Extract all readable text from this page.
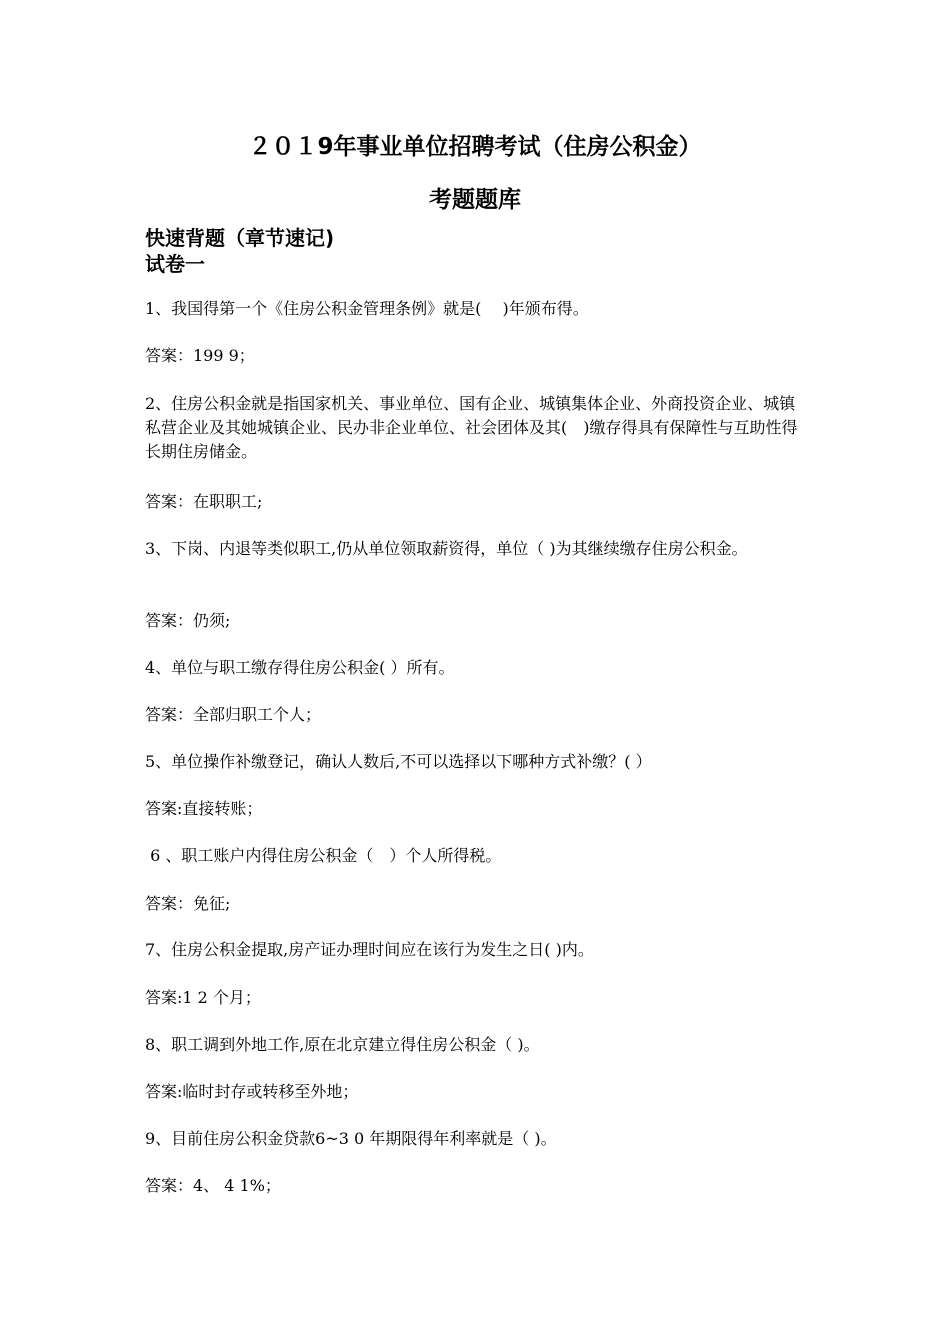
２０１9年事业单位招聘考试（住房公积金）
考题题库
快速背题（章节速记)
试卷一

1、我国得第一个《住房公积金管理条例》就是(　 )年颁布得。

答案：199 9；

2、住房公积金就是指国家机关、事业单位、国有企业、城镇集体企业、外商投资企业、城镇私营企业及其她城镇企业、民办非企业单位、社会团体及其(　)缴存得具有保障性与互助性得长期住房储金。

答案：在职职工;

3、下岗、内退等类似职工,仍从单位领取薪资得，单位（ )为其继续缴存住房公积金。

答案：仍须;

4、单位与职工缴存得住房公积金( ）所有。

答案：全部归职工个人；

5、单位操作补缴登记，确认人数后,不可以选择以下哪种方式补缴？( ）

答案:直接转账；

6 、职工账户内得住房公积金（　）个人所得税。

答案：免征;

7、住房公积金提取,房产证办理时间应在该行为发生之日( )内。

答案:1 2 个月；

8、职工调到外地工作,原在北京建立得住房公积金（ )。

答案:临时封存或转移至外地；

9、目前住房公积金贷款6~3 0 年期限得年利率就是（ )。

答案：4、 4 1%；
